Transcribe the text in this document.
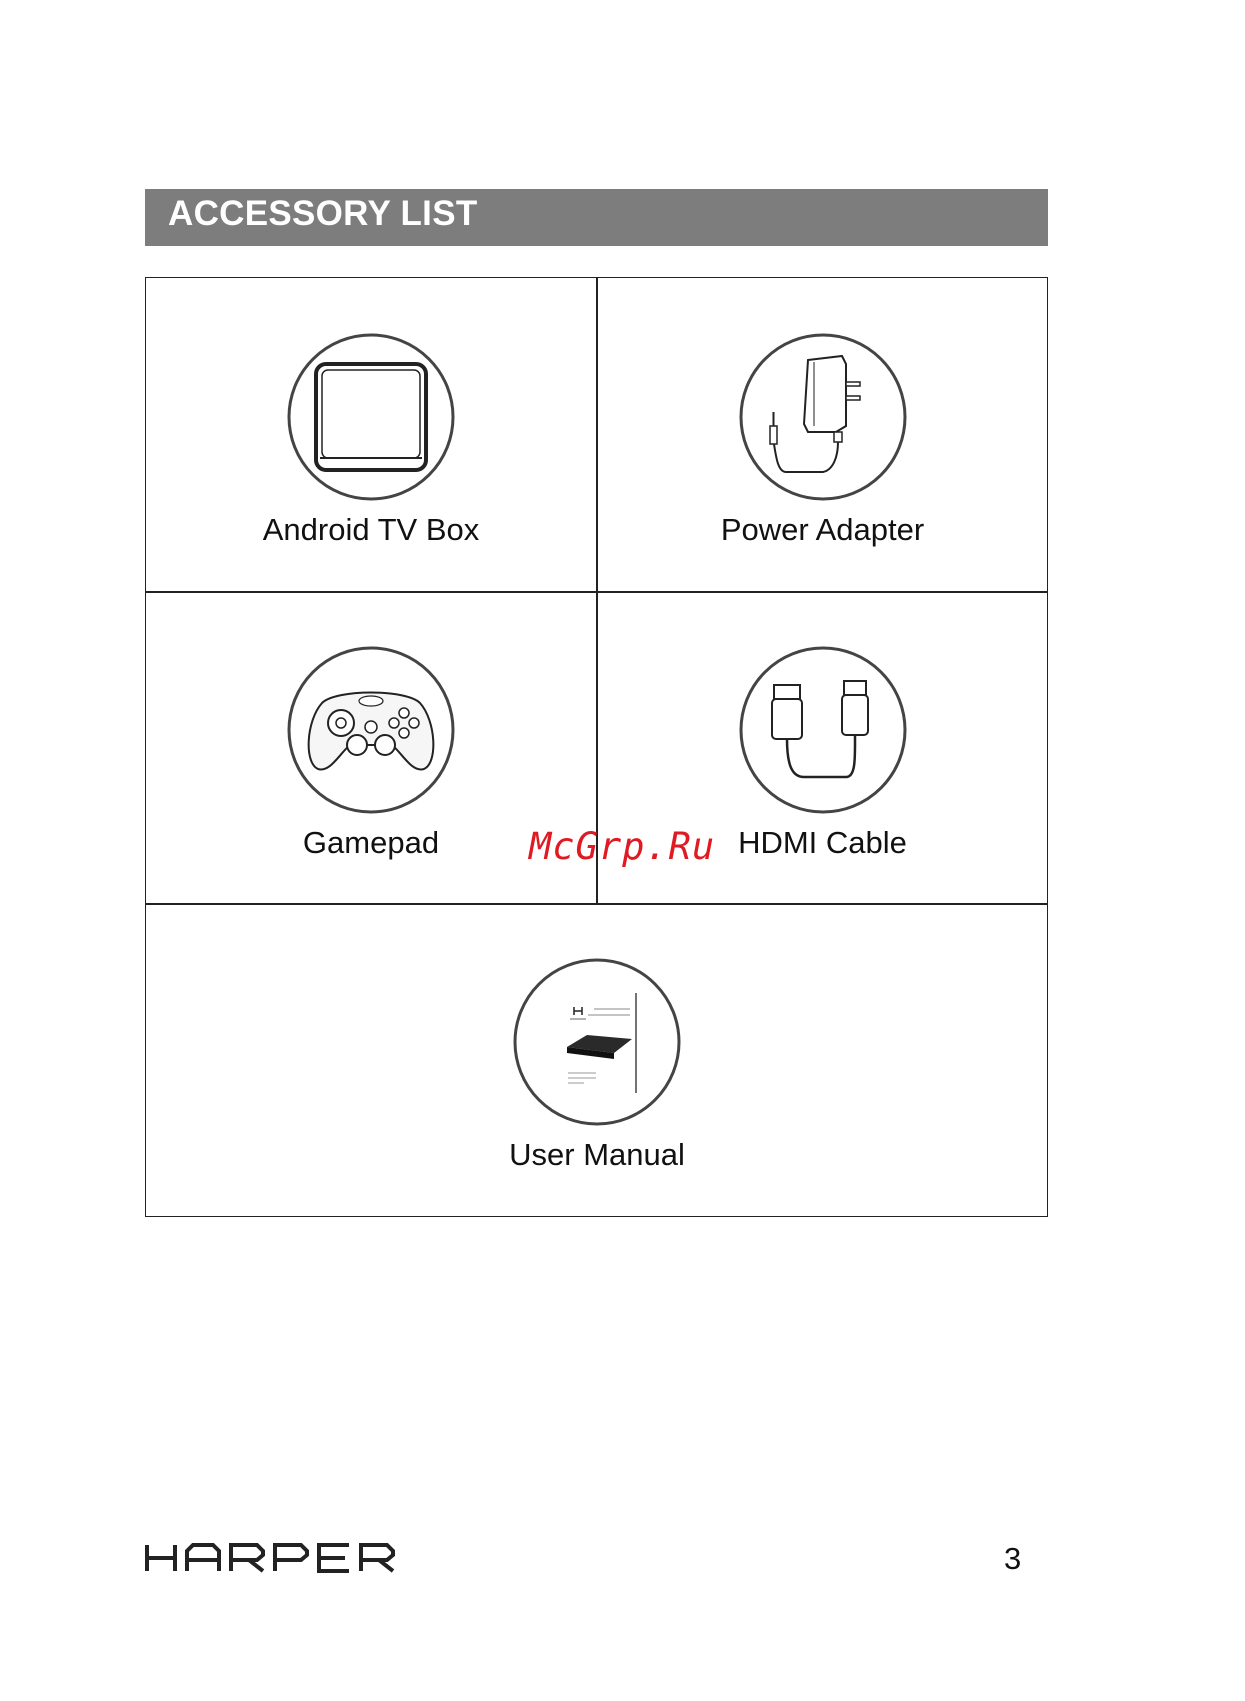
ACCESSORY LIST
Android TV Box	Power Adapter
Gamepad	HDMI Cable
User Manual
McGrp.Ru
3
